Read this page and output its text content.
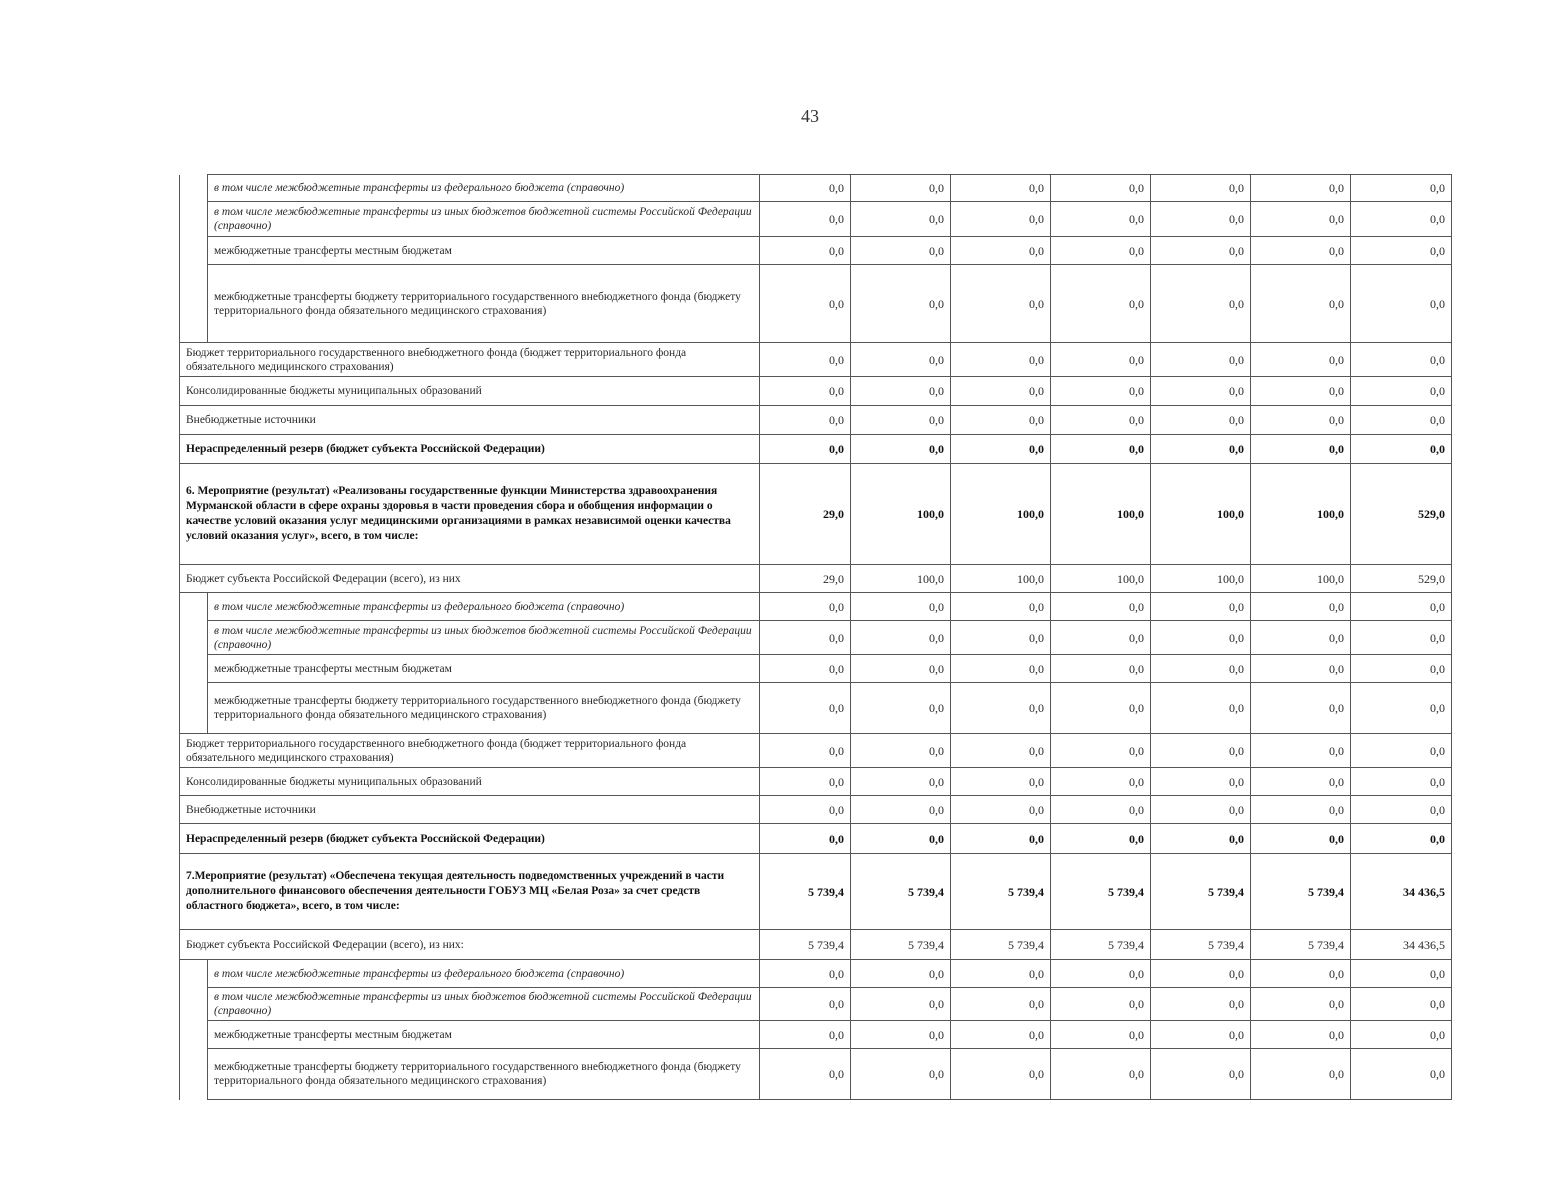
43
	в том числе межбюджетные трансферты из федерального бюджета (справочно)	0,0	0,0	0,0	0,0	0,0	0,0	0,0
	в том числе межбюджетные трансферты из иных бюджетов бюджетной системы Российской Федерации (справочно)	0,0	0,0	0,0	0,0	0,0	0,0	0,0
	межбюджетные трансферты местным бюджетам	0,0	0,0	0,0	0,0	0,0	0,0	0,0
	межбюджетные трансферты бюджету территориального государственного внебюджетного фонда (бюджету территориального фонда обязательного медицинского страхования)	0,0	0,0	0,0	0,0	0,0	0,0	0,0
Бюджет территориального государственного внебюджетного фонда (бюджет территориального фонда обязательного медицинского страхования)		0,0	0,0	0,0	0,0	0,0	0,0	0,0
Консолидированные бюджеты муниципальных образований		0,0	0,0	0,0	0,0	0,0	0,0	0,0
Внебюджетные источники		0,0	0,0	0,0	0,0	0,0	0,0	0,0
Нераспределенный резерв (бюджет субъекта Российской Федерации)		0,0	0,0	0,0	0,0	0,0	0,0	0,0
6. Мероприятие (результат) «Реализованы государственные функции Министерства здравоохранения Мурманской области в сфере охраны здоровья в части проведения сбора и обобщения информации о качестве условий оказания услуг медицинскими организациями в рамках независимой оценки качества условий оказания услуг», всего, в том числе:		29,0	100,0	100,0	100,0	100,0	100,0	529,0
Бюджет субъекта Российской Федерации (всего), из них		29,0	100,0	100,0	100,0	100,0	100,0	529,0
	в том числе межбюджетные трансферты из федерального бюджета (справочно)	0,0	0,0	0,0	0,0	0,0	0,0	0,0
	в том числе межбюджетные трансферты из иных бюджетов бюджетной системы Российской Федерации (справочно)	0,0	0,0	0,0	0,0	0,0	0,0	0,0
	межбюджетные трансферты местным бюджетам	0,0	0,0	0,0	0,0	0,0	0,0	0,0
	межбюджетные трансферты бюджету территориального государственного внебюджетного фонда (бюджету территориального фонда обязательного медицинского страхования)	0,0	0,0	0,0	0,0	0,0	0,0	0,0
Бюджет территориального государственного внебюджетного фонда (бюджет территориального фонда обязательного медицинского страхования)		0,0	0,0	0,0	0,0	0,0	0,0	0,0
Консолидированные бюджеты муниципальных образований		0,0	0,0	0,0	0,0	0,0	0,0	0,0
Внебюджетные источники		0,0	0,0	0,0	0,0	0,0	0,0	0,0
Нераспределенный резерв (бюджет субъекта Российской Федерации)		0,0	0,0	0,0	0,0	0,0	0,0	0,0
7.Мероприятие (результат) «Обеспечена текущая деятельность подведомственных учреждений в части дополнительного финансового обеспечения деятельности ГОБУЗ МЦ «Белая Роза» за счет средств областного бюджета», всего, в том числе:		5 739,4	5 739,4	5 739,4	5 739,4	5 739,4	5 739,4	34 436,5
Бюджет субъекта Российской Федерации (всего), из них:		5 739,4	5 739,4	5 739,4	5 739,4	5 739,4	5 739,4	34 436,5
	в том числе межбюджетные трансферты из федерального бюджета (справочно)	0,0	0,0	0,0	0,0	0,0	0,0	0,0
	в том числе межбюджетные трансферты из иных бюджетов бюджетной системы Российской Федерации (справочно)	0,0	0,0	0,0	0,0	0,0	0,0	0,0
	межбюджетные трансферты местным бюджетам	0,0	0,0	0,0	0,0	0,0	0,0	0,0
	межбюджетные трансферты бюджету территориального государственного внебюджетного фонда (бюджету территориального фонда обязательного медицинского страхования)	0,0	0,0	0,0	0,0	0,0	0,0	0,0
